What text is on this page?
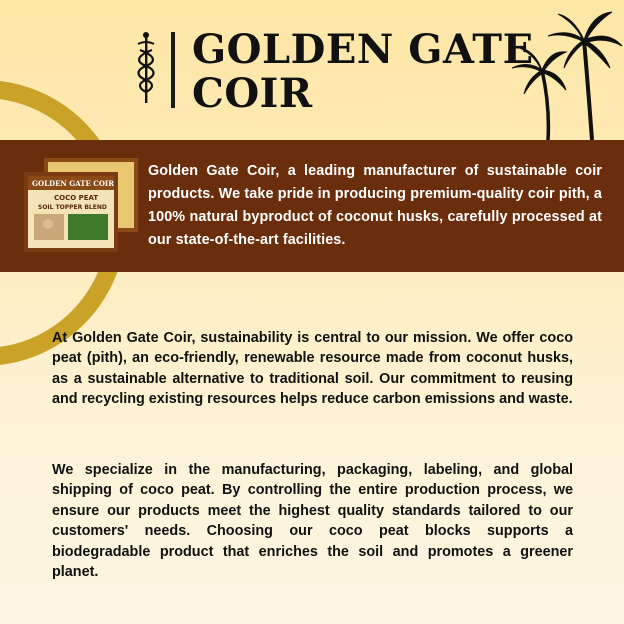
GOLDEN GATE
COIR
GOLDEN GATE COIR
COCO PEAT
SOIL TOPPER BLEND

Golden Gate Coir, a leading manufacturer of sustainable coir products. We take pride in producing premium-quality coir pith, a 100% natural byproduct of coconut husks, carefully processed at our state-of-the-art facilities.

At Golden Gate Coir, sustainability is central to our mission. We offer coco peat (pith), an eco-friendly, renewable resource made from coconut husks, as a sustainable alternative to traditional soil. Our commitment to reusing and recycling existing resources helps reduce carbon emissions and waste.

We specialize in the manufacturing, packaging, labeling, and global shipping of coco peat. By controlling the entire production process, we ensure our products meet the highest quality standards tailored to our customers' needs. Choosing our coco peat blocks supports a biodegradable product that enriches the soil and promotes a greener planet.
